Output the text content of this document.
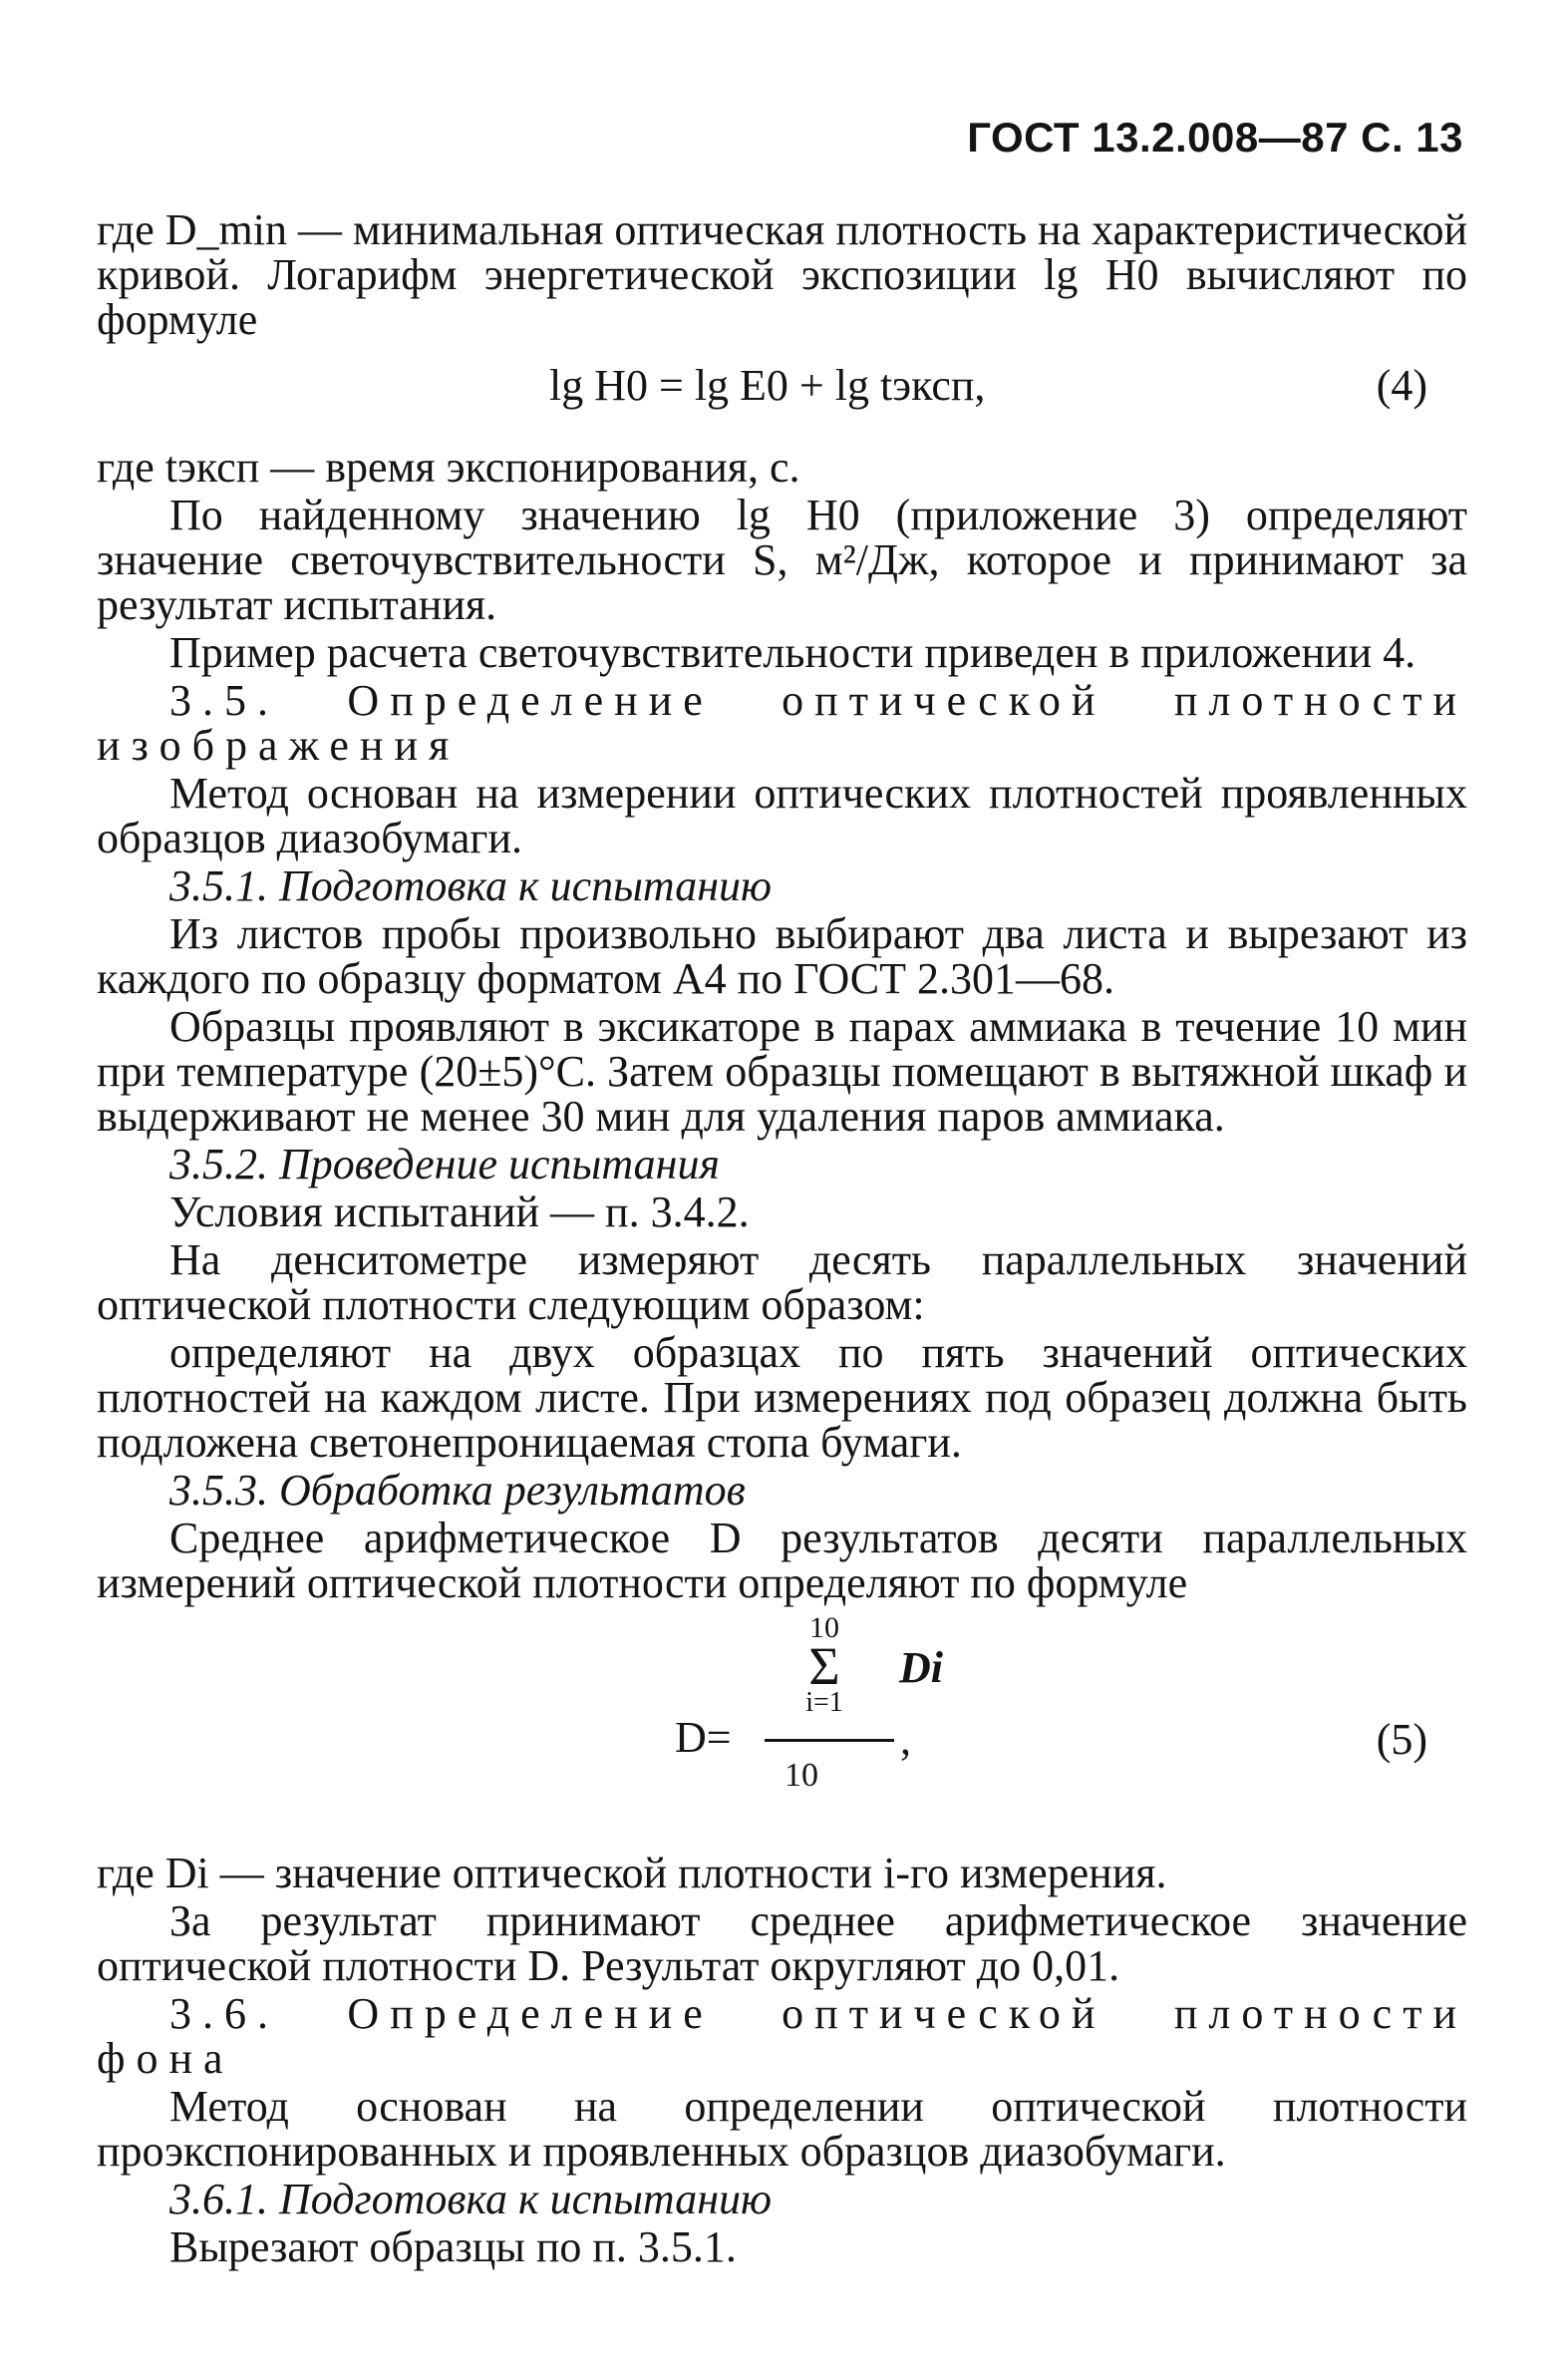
ГОСТ 13.2.008—87 С. 13

где D_min — минимальная оптическая плотность на характеристической кривой. Логарифм энергетической экспозиции lg H0 вычисляют по формуле

lg H0 = lg E0 + lg tэксп,	(4)

где tэксп — время экспонирования, с.

По найденному значению lg H0 (приложение 3) определяют значение светочувствительности S, м²/Дж, которое и принимают за результат испытания.

Пример расчета светочувствительности приведен в приложении 4.

3.5. Определение оптической плотности изображения

Метод основан на измерении оптических плотностей проявленных образцов диазобумаги.

3.5.1. Подготовка к испытанию

Из листов пробы произвольно выбирают два листа и вырезают из каждого по образцу форматом А4 по ГОСТ 2.301—68.

Образцы проявляют в эксикаторе в парах аммиака в течение 10 мин при температуре (20±5)°С. Затем образцы помещают в вытяжной шкаф и выдерживают не менее 30 мин для удаления паров аммиака.

3.5.2. Проведение испытания

Условия испытаний — п. 3.4.2.

На денситометре измеряют десять параллельных значений оптической плотности следующим образом:

определяют на двух образцах по пять значений оптических плотностей на каждом листе. При измерениях под образец должна быть подложена светонепроницаемая стопа бумаги.

3.5.3. Обработка результатов

Среднее арифметическое D результатов десяти параллельных измерений оптической плотности определяют по формуле

D=
10
Σ
i=1
Di
10
,	(5)

где Di — значение оптической плотности i-го измерения.

За результат принимают среднее арифметическое значение оптической плотности D. Результат округляют до 0,01.

3.6. Определение оптической плотности фона

Метод основан на определении оптической плотности проэкспонированных и проявленных образцов диазобумаги.

3.6.1. Подготовка к испытанию

Вырезают образцы по п. 3.5.1.
